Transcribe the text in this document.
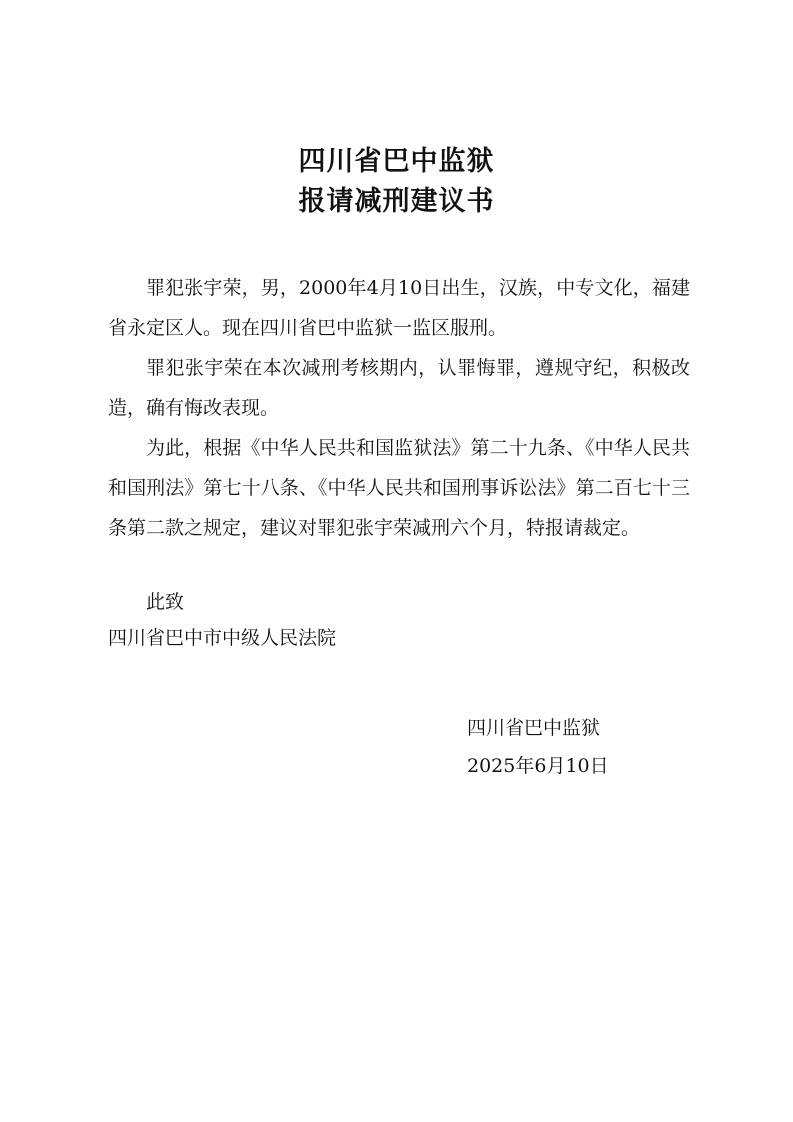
四川省巴中监狱
报请减刑建议书

罪犯张宇荣，男，2000年4月10日出生，汉族，中专文化，福建省永定区人。现在四川省巴中监狱一监区服刑。

罪犯张宇荣在本次减刑考核期内，认罪悔罪，遵规守纪，积极改造，确有悔改表现。

为此，根据《中华人民共和国监狱法》第二十九条、《中华人民共和国刑法》第七十八条、《中华人民共和国刑事诉讼法》第二百七十三条第二款之规定，建议对罪犯张宇荣减刑六个月，特报请裁定。

此致

四川省巴中市中级人民法院

四川省巴中监狱

2025年6月10日
